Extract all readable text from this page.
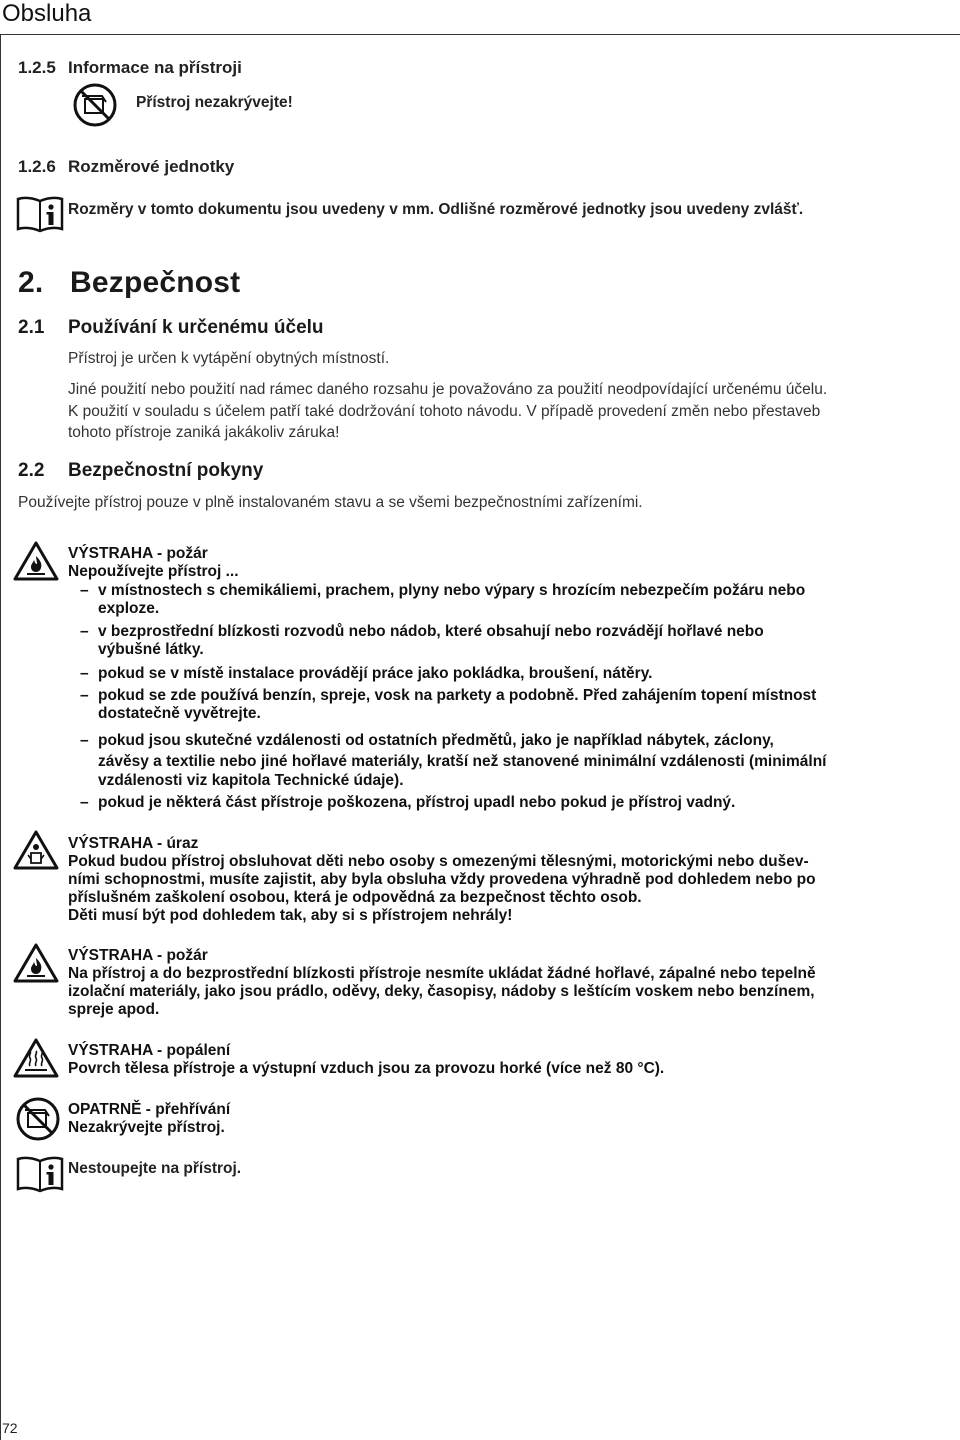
Obsluha
1.2.5 Informace na přístroji
Přístroj nezakrývejte!
1.2.6 Rozměrové jednotky
Rozměry v tomto dokumentu jsou uvedeny v mm. Odlišné rozměrové jednotky jsou uvedeny zvlášť.
2. Bezpečnost
2.1 Používání k určenému účelu
Přístroj je určen k vytápění obytných místností.
Jiné použití nebo použití nad rámec daného rozsahu je považováno za použití neodpovídající určenému účelu.
K použití v souladu s účelem patří také dodržování tohoto návodu. V případě provedení změn nebo přestaveb
tohoto přístroje zaniká jakákoliv záruka!
2.2 Bezpečnostní pokyny
Používejte přístroj pouze v plně instalovaném stavu a se všemi bezpečnostními zařízeními.
VÝSTRAHA - požár
Nepoužívejte přístroj ...
– v místnostech s chemikáliemi, prachem, plyny nebo výpary s hrozícím nebezpečím požáru nebo
exploze.
– v bezprostřední blízkosti rozvodů nebo nádob, které obsahují nebo rozvádějí hořlavé nebo
výbušné látky.
– pokud se v místě instalace provádějí práce jako pokládka, broušení, nátěry.
– pokud se zde používá benzín, spreje, vosk na parkety a podobně. Před zahájením topení místnost
dostatečně vyvětrejte.
– pokud jsou skutečné vzdálenosti od ostatních předmětů, jako je například nábytek, záclony,
závěsy a textilie nebo jiné hořlavé materiály, kratší než stanovené minimální vzdálenosti (minimální
vzdálenosti viz kapitola Technické údaje).
– pokud je některá část přístroje poškozena, přístroj upadl nebo pokud je přístroj vadný.
VÝSTRAHA - úraz
Pokud budou přístroj obsluhovat děti nebo osoby s omezenými tělesnými, motorickými nebo dušev-
ními schopnostmi, musíte zajistit, aby byla obsluha vždy provedena výhradně pod dohledem nebo po
příslušném zaškolení osobou, která je odpovědná za bezpečnost těchto osob.
Děti musí být pod dohledem tak, aby si s přístrojem nehrály!
VÝSTRAHA - požár
Na přístroj a do bezprostřední blízkosti přístroje nesmíte ukládat žádné hořlavé, zápalné nebo tepelně
izolační materiály, jako jsou prádlo, oděvy, deky, časopisy, nádoby s leštícím voskem nebo benzínem,
spreje apod.
VÝSTRAHA - popálení
Povrch tělesa přístroje a výstupní vzduch jsou za provozu horké (více než 80 °C).
OPATRNĚ - přehřívání
Nezakrývejte přístroj.
Nestoupejte na přístroj.
72
